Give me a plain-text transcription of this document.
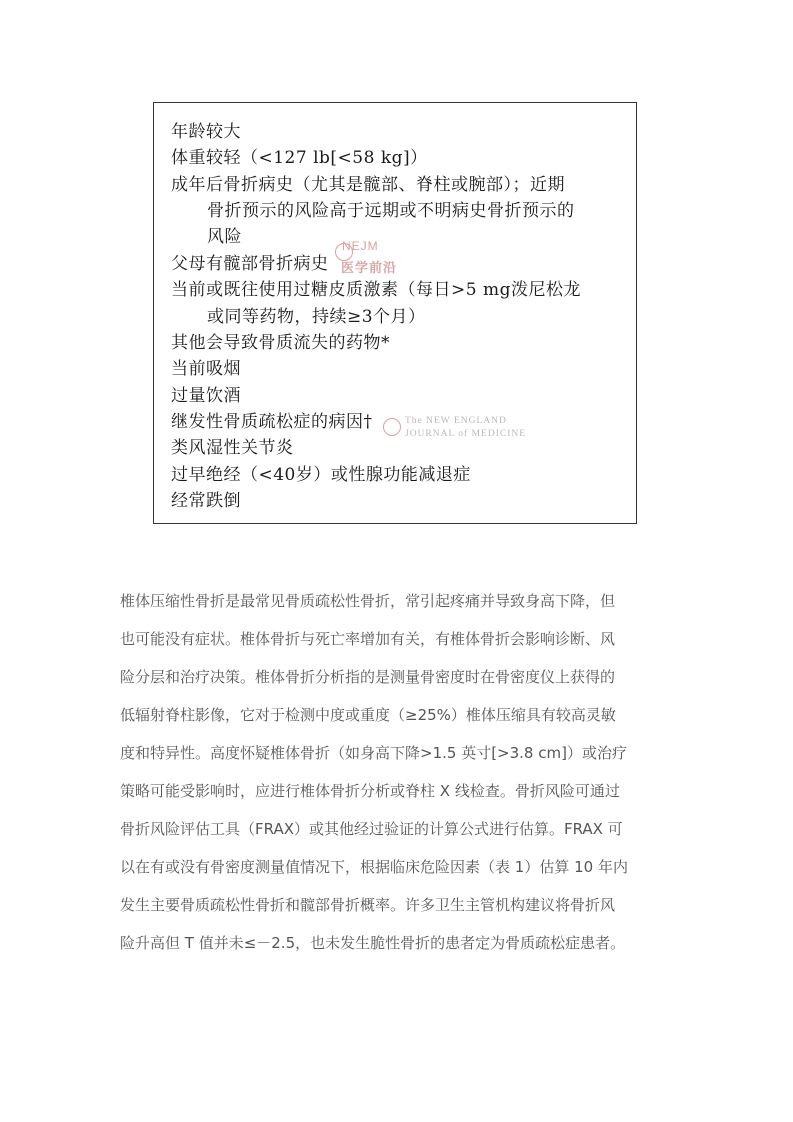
年龄较大
体重较轻（<127 lb[<58 kg]）
成年后骨折病史（尤其是髋部、脊柱或腕部）；近期
骨折预示的风险高于远期或不明病史骨折预示的
风险
父母有髋部骨折病史
当前或既往使用过糖皮质激素（每日>5 mg泼尼松龙
或同等药物，持续≥3个月）
其他会导致骨质流失的药物*
当前吸烟
过量饮酒
继发性骨质疏松症的病因†
类风湿性关节炎
过早绝经（<40岁）或性腺功能减退症
经常跌倒
NEJM
医学前沿
The NEW ENGLAND
JOURNAL of MEDICINE
椎体压缩性骨折是最常见骨质疏松性骨折，常引起疼痛并导致身高下降，但
也可能没有症状。椎体骨折与死亡率增加有关，有椎体骨折会影响诊断、风
险分层和治疗决策。椎体骨折分析指的是测量骨密度时在骨密度仪上获得的
低辐射脊柱影像，它对于检测中度或重度（≥25%）椎体压缩具有较高灵敏
度和特异性。高度怀疑椎体骨折（如身高下降>1.5 英寸[>3.8 cm]）或治疗
策略可能受影响时，应进行椎体骨折分析或脊柱 X 线检查。骨折风险可通过
骨折风险评估工具（FRAX）或其他经过验证的计算公式进行估算。FRAX 可
以在有或没有骨密度测量值情况下，根据临床危险因素（表 1）估算 10 年内
发生主要骨质疏松性骨折和髋部骨折概率。许多卫生主管机构建议将骨折风
险升高但 T 值并未≤－2.5，也未发生脆性骨折的患者定为骨质疏松症患者。
